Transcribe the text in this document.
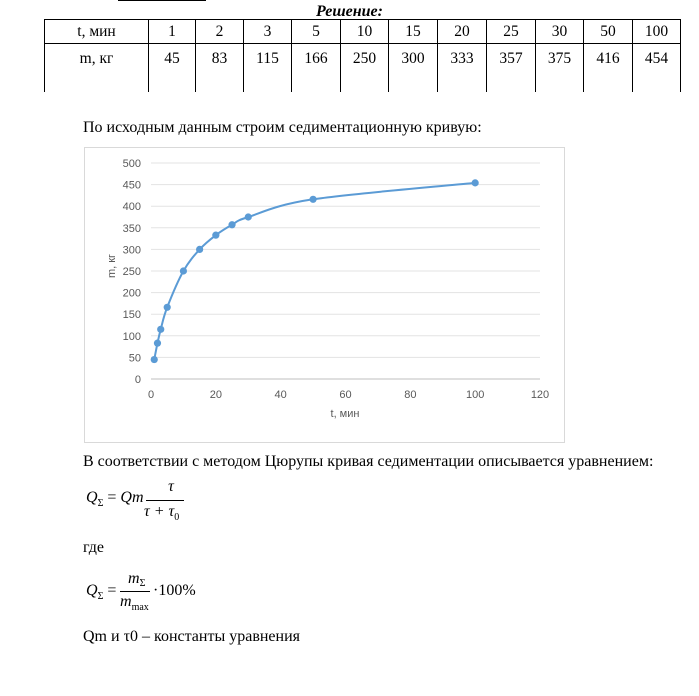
Решение:
t, мин	1	2	3	5	10	15	20	25	30	50	100
m, кг	45	83	115	166	250	300	333	357	375	416	454
По исходным данным строим седиментационную кривую:
0
50
100
150
200
250
300
350
400
450
500
0	20	40	60	80	100	120
t, мин
m, кг
В соответствии с методом Цюрупы кривая седиментации описывается уравнением:
$Q_\Sigma = Qm$
τ
$\tau + \tau_0$
где
$Q_\Sigma$ =
mΣ
$m_{max}$
·100%
Qm и τ0 – константы уравнения
